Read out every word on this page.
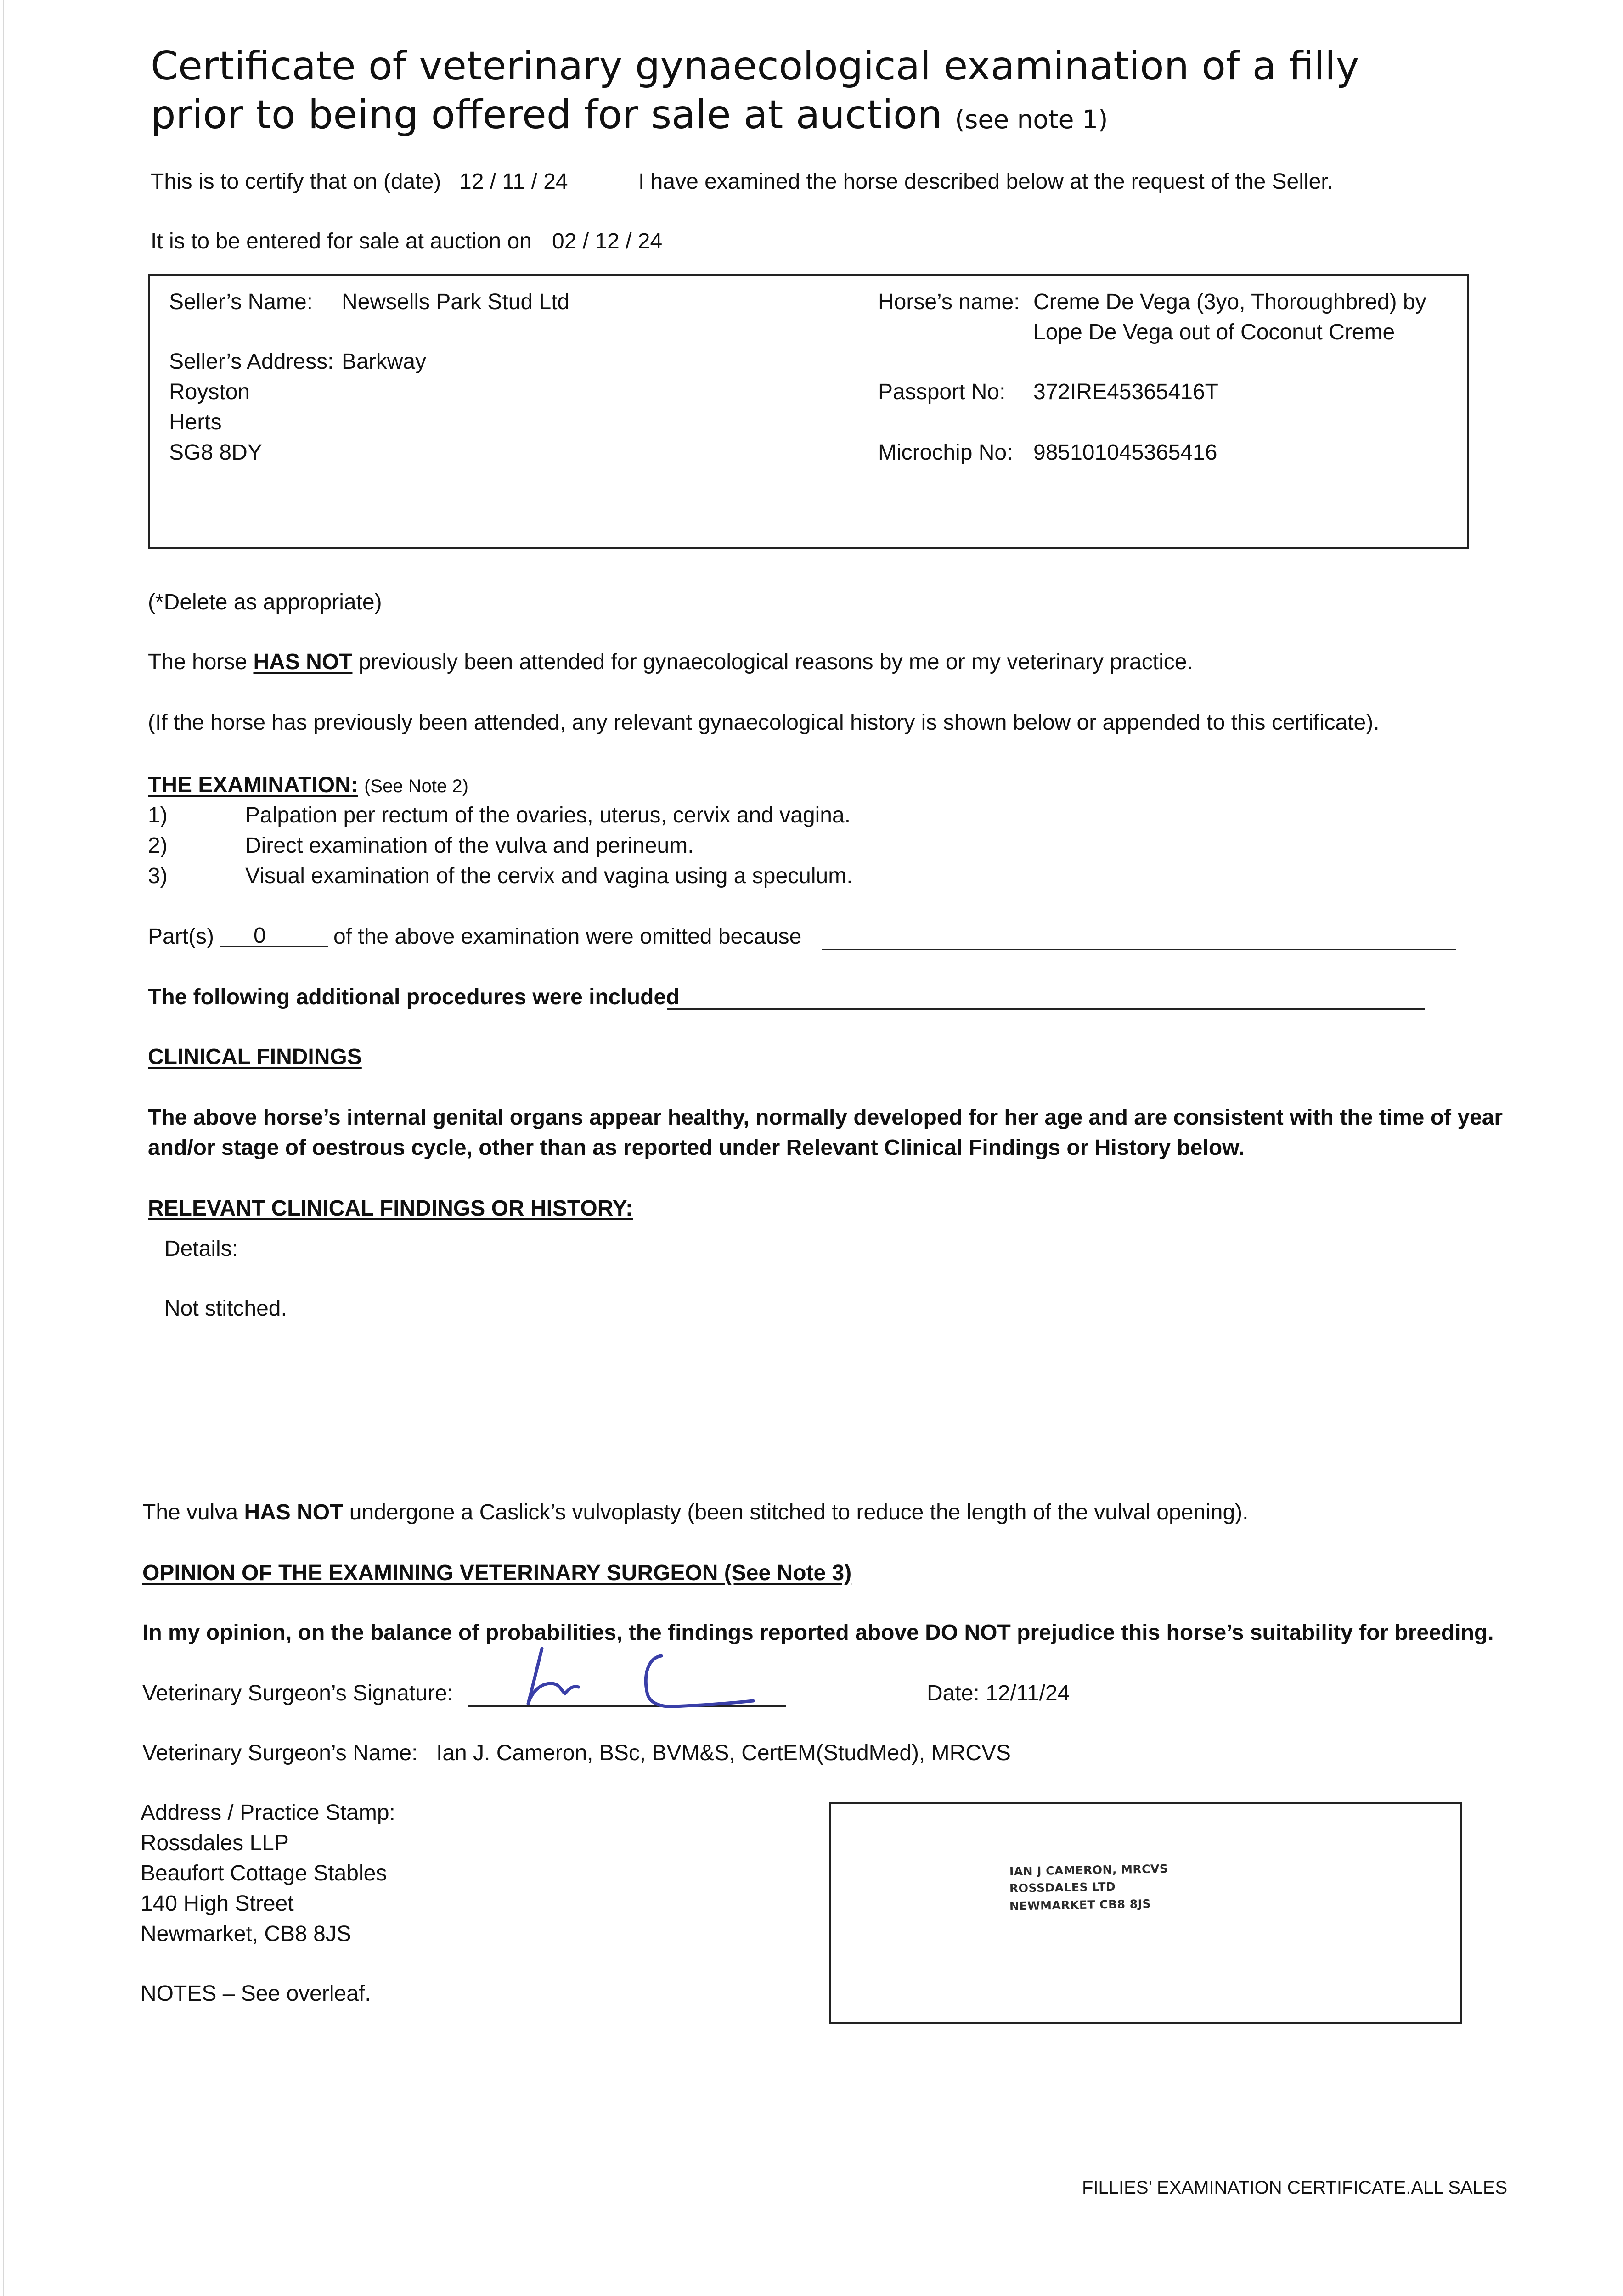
Certificate of veterinary gynaecological examination of a filly
prior to being offered for sale at auction (see note 1)
This is to certify that on (date) 12 / 11 / 24	I have examined the horse described below at the request of the Seller.
It is to be entered for sale at auction on 02 / 12 / 24
Seller’s Name: Newsells Park Stud Ltd
Seller’s Address: Barkway
Royston
Herts
SG8 8DY
Horse’s name: Creme De Vega (3yo, Thoroughbred) by
Lope De Vega out of Coconut Creme
Passport No: 372IRE45365416T
Microchip No: 985101045365416
(*Delete as appropriate)
The horse HAS NOT previously been attended for gynaecological reasons by me or my veterinary practice.
(If the horse has previously been attended, any relevant gynaecological history is shown below or appended to this certificate).
THE EXAMINATION: (See Note 2)
1)	Palpation per rectum of the ovaries, uterus, cervix and vagina.
2)	Direct examination of the vulva and perineum.
3)	Visual examination of the cervix and vagina using a speculum.
Part(s) 0	of the above examination were omitted because
The following additional procedures were included
CLINICAL FINDINGS
The above horse’s internal genital organs appear healthy, normally developed for her age and are consistent with the time of year
and/or stage of oestrous cycle, other than as reported under Relevant Clinical Findings or History below.
RELEVANT CLINICAL FINDINGS OR HISTORY:
Details:
Not stitched.
The vulva HAS NOT undergone a Caslick’s vulvoplasty (been stitched to reduce the length of the vulval opening).
OPINION OF THE EXAMINING VETERINARY SURGEON (See Note 3)
In my opinion, on the balance of probabilities, the findings reported above DO NOT prejudice this horse’s suitability for breeding.
Veterinary Surgeon’s Signature:	Date: 12/11/24
Veterinary Surgeon’s Name: Ian J. Cameron, BSc, BVM&S, CertEM(StudMed), MRCVS
Address / Practice Stamp:
Rossdales LLP
Beaufort Cottage Stables
140 High Street
Newmarket, CB8 8JS
IAN J CAMERON, MRCVS
ROSSDALES LTD
NEWMARKET CB8 8JS
NOTES – See overleaf.
FILLIES’ EXAMINATION CERTIFICATE.ALL SALES
